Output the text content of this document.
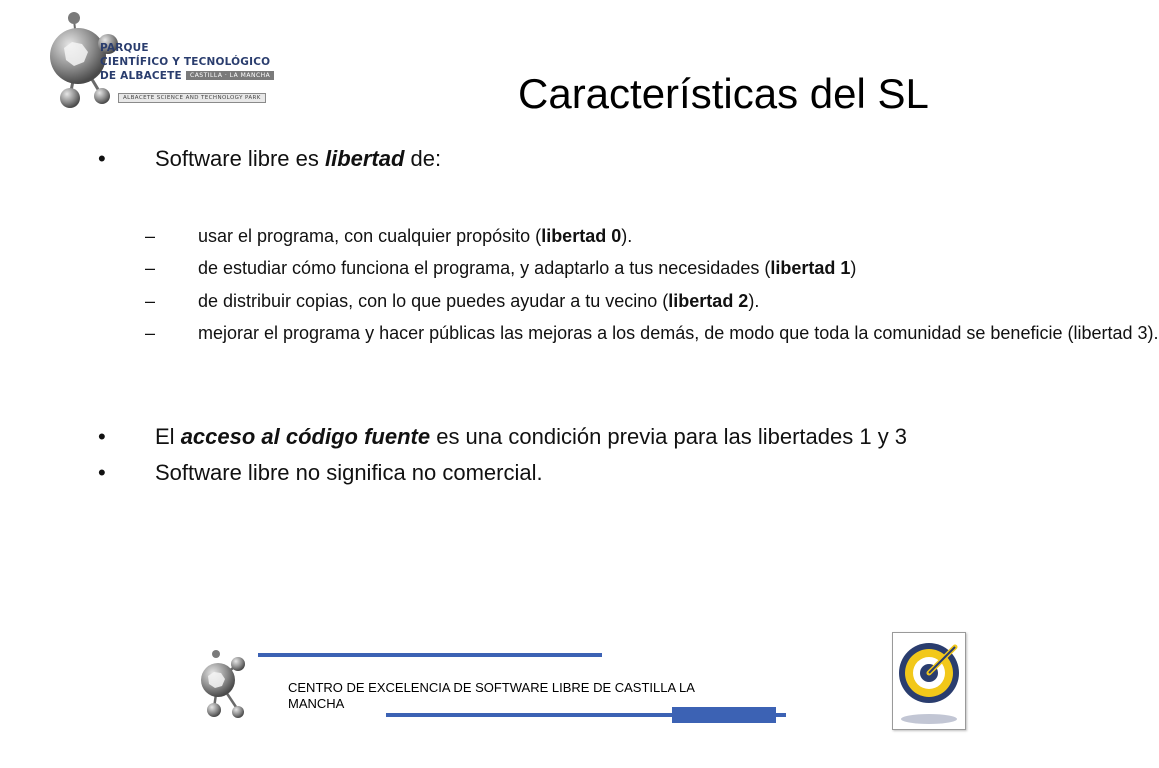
PARQUE
CIENTÍFICO Y TECNOLÓGICO
DE ALBACETE	CASTILLA · LA MANCHA
ALBACETE SCIENCE AND TECHNOLOGY PARK	Características del SL
• Software libre es libertad de:
– usar el programa, con cualquier propósito (libertad 0).
– de estudiar cómo funciona el programa, y adaptarlo a tus necesidades (libertad 1)
– de distribuir copias, con lo que puedes ayudar a tu vecino (libertad 2).
– mejorar el programa y hacer públicas las mejoras a los demás, de modo que toda la comunidad se beneficie (libertad 3).
• El acceso al código fuente es una condición previa para las libertades 1 y 3
• Software libre no significa no comercial.
CENTRO DE EXCELENCIA DE SOFTWARE LIBRE DE CASTILLA LA MANCHA
